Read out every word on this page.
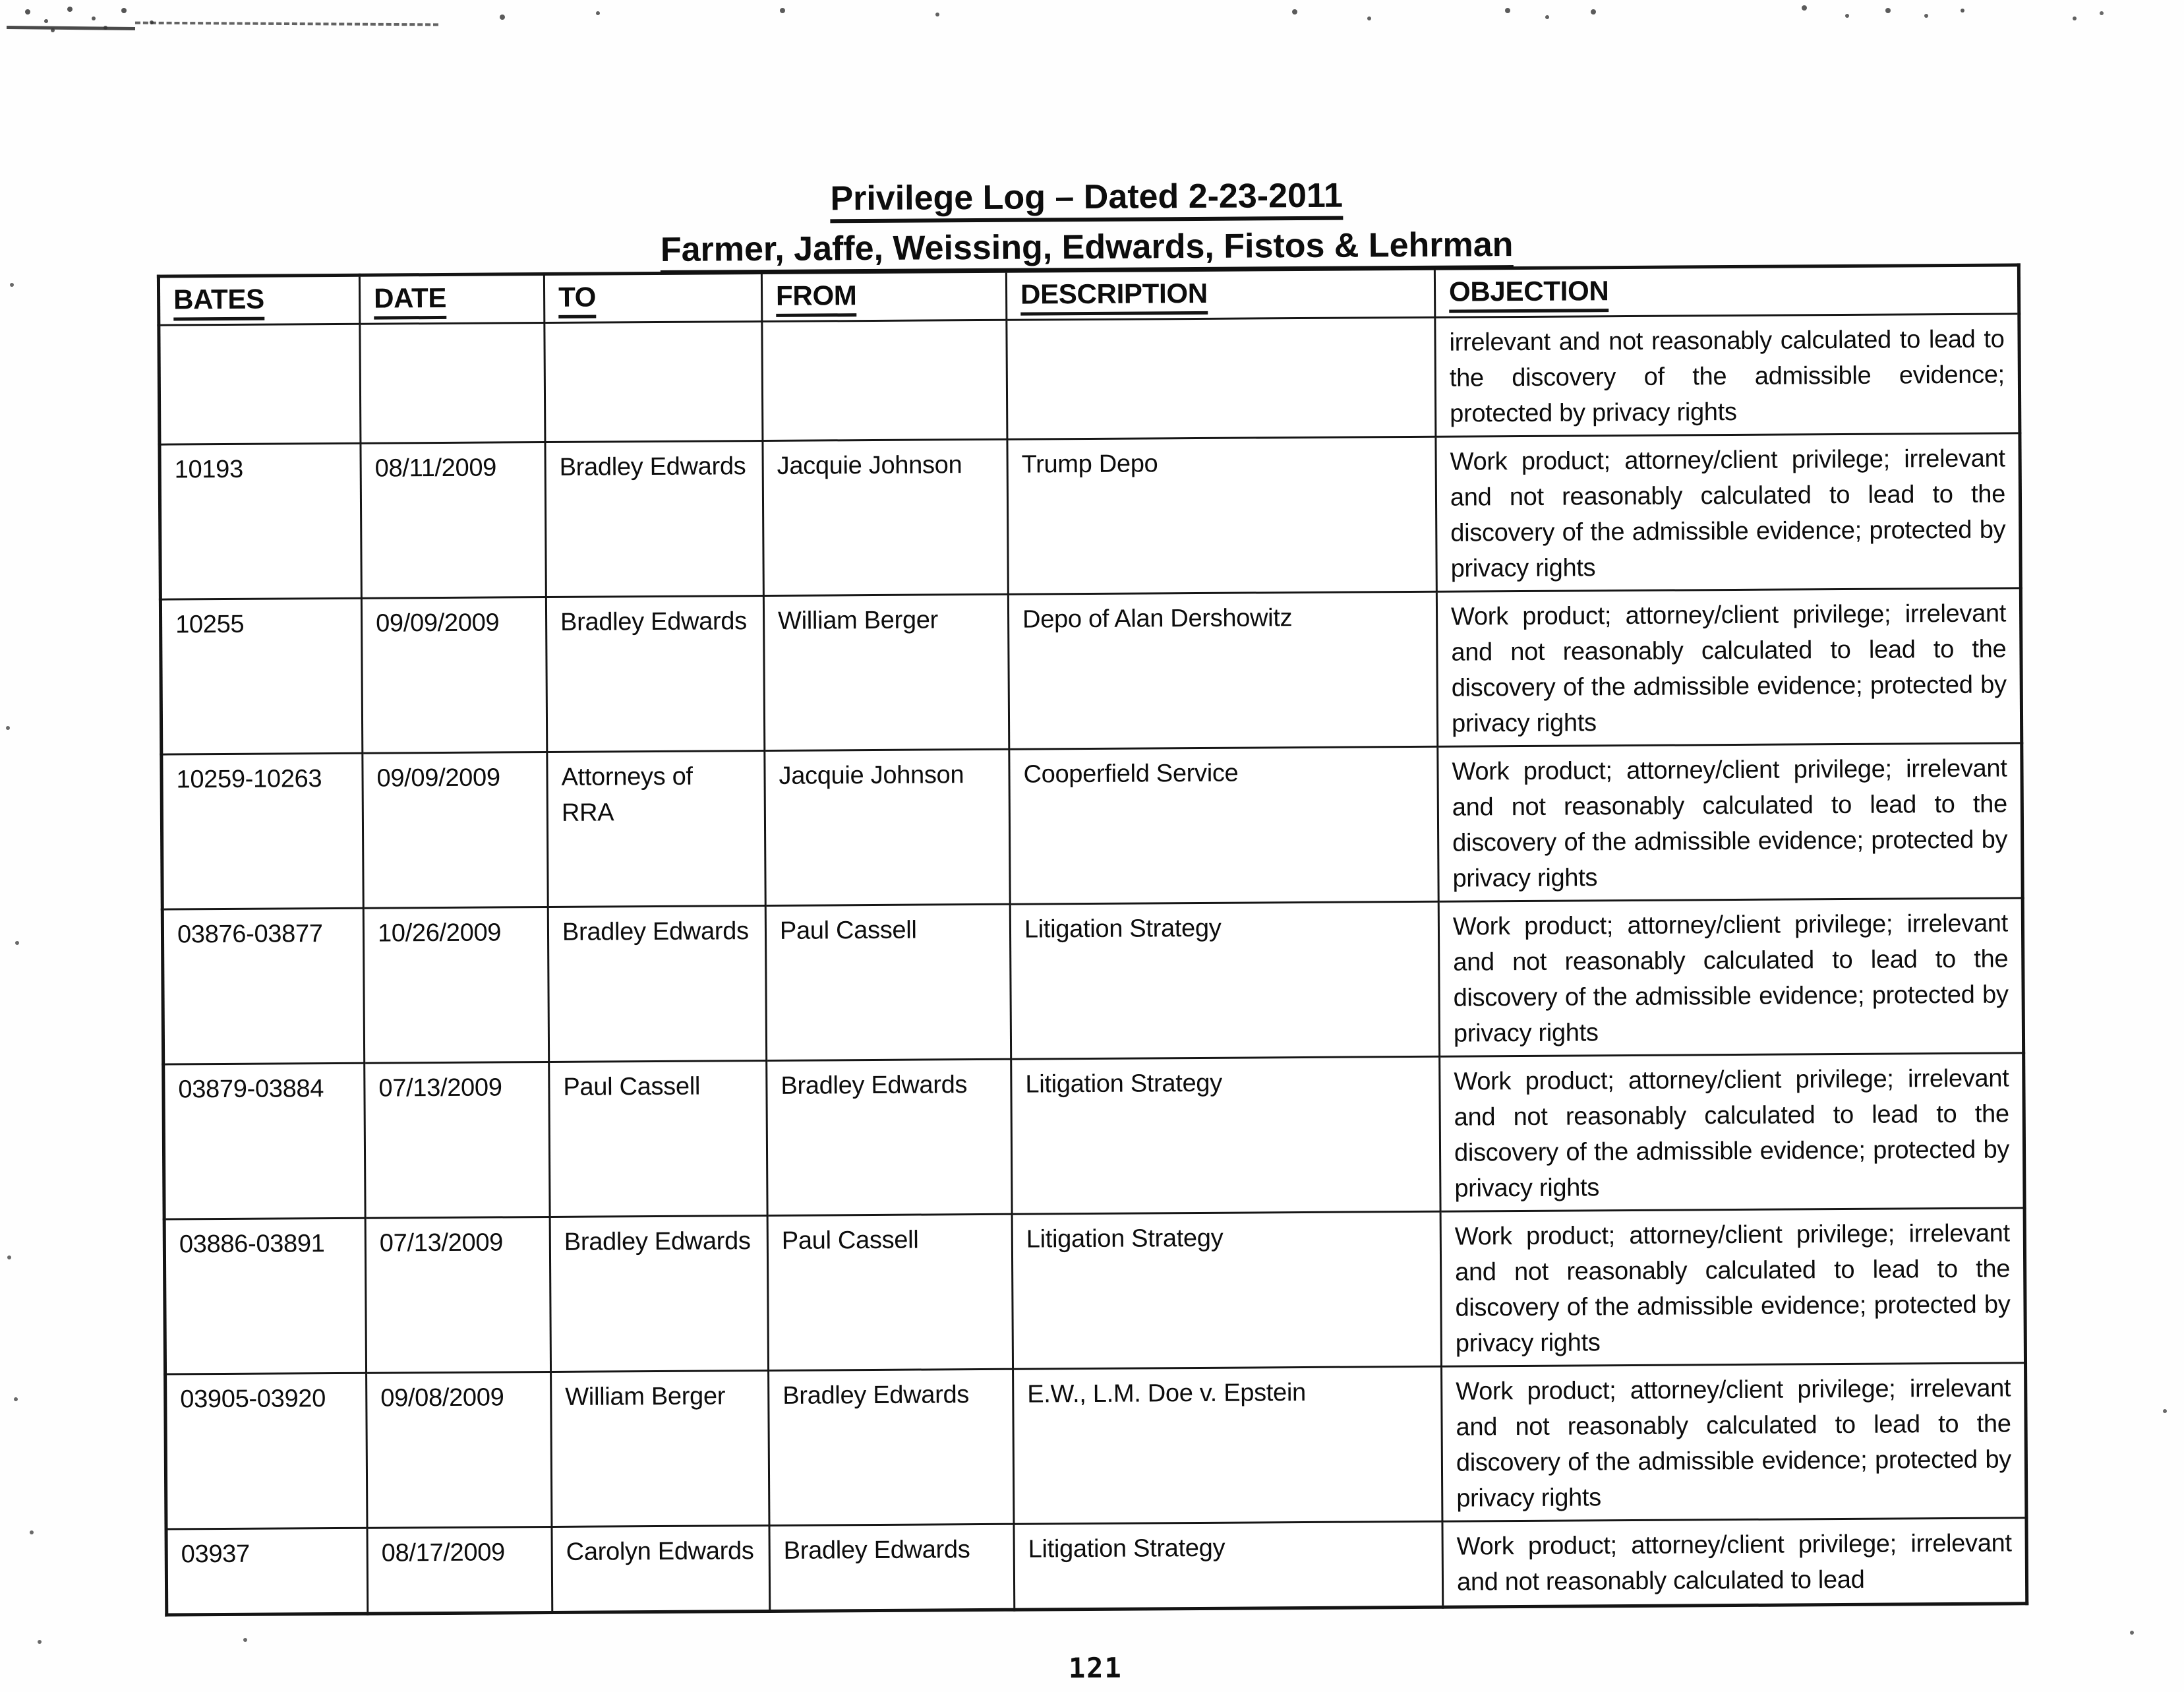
Privilege Log – Dated 2-23-2011
Farmer, Jaffe, Weissing, Edwards, Fistos & Lehrman
BATES	DATE	TO	FROM	DESCRIPTION	OBJECTION
					irrelevant and not reasonably calculated to lead to the discovery of the admissible evidence; protected by privacy rights
10193	08/11/2009	Bradley Edwards	Jacquie Johnson	Trump Depo	Work product; attorney/client privilege; irrelevant and not reasonably calculated to lead to the discovery of the admissible evidence; protected by privacy rights
10255	09/09/2009	Bradley Edwards	William Berger	Depo of Alan Dershowitz	Work product; attorney/client privilege; irrelevant and not reasonably calculated to lead to the discovery of the admissible evidence; protected by privacy rights
10259-10263	09/09/2009	Attorneys of RRA	Jacquie Johnson	Cooperfield Service	Work product; attorney/client privilege; irrelevant and not reasonably calculated to lead to the discovery of the admissible evidence; protected by privacy rights
03876-03877	10/26/2009	Bradley Edwards	Paul Cassell	Litigation Strategy	Work product; attorney/client privilege; irrelevant and not reasonably calculated to lead to the discovery of the admissible evidence; protected by privacy rights
03879-03884	07/13/2009	Paul Cassell	Bradley Edwards	Litigation Strategy	Work product; attorney/client privilege; irrelevant and not reasonably calculated to lead to the discovery of the admissible evidence; protected by privacy rights
03886-03891	07/13/2009	Bradley Edwards	Paul Cassell	Litigation Strategy	Work product; attorney/client privilege; irrelevant and not reasonably calculated to lead to the discovery of the admissible evidence; protected by privacy rights
03905-03920	09/08/2009	William Berger	Bradley Edwards	E.W., L.M. Doe v. Epstein	Work product; attorney/client privilege; irrelevant and not reasonably calculated to lead to the discovery of the admissible evidence; protected by privacy rights
03937	08/17/2009	Carolyn Edwards	Bradley Edwards	Litigation Strategy	Work product; attorney/client privilege; irrelevant and not reasonably calculated to lead
121
